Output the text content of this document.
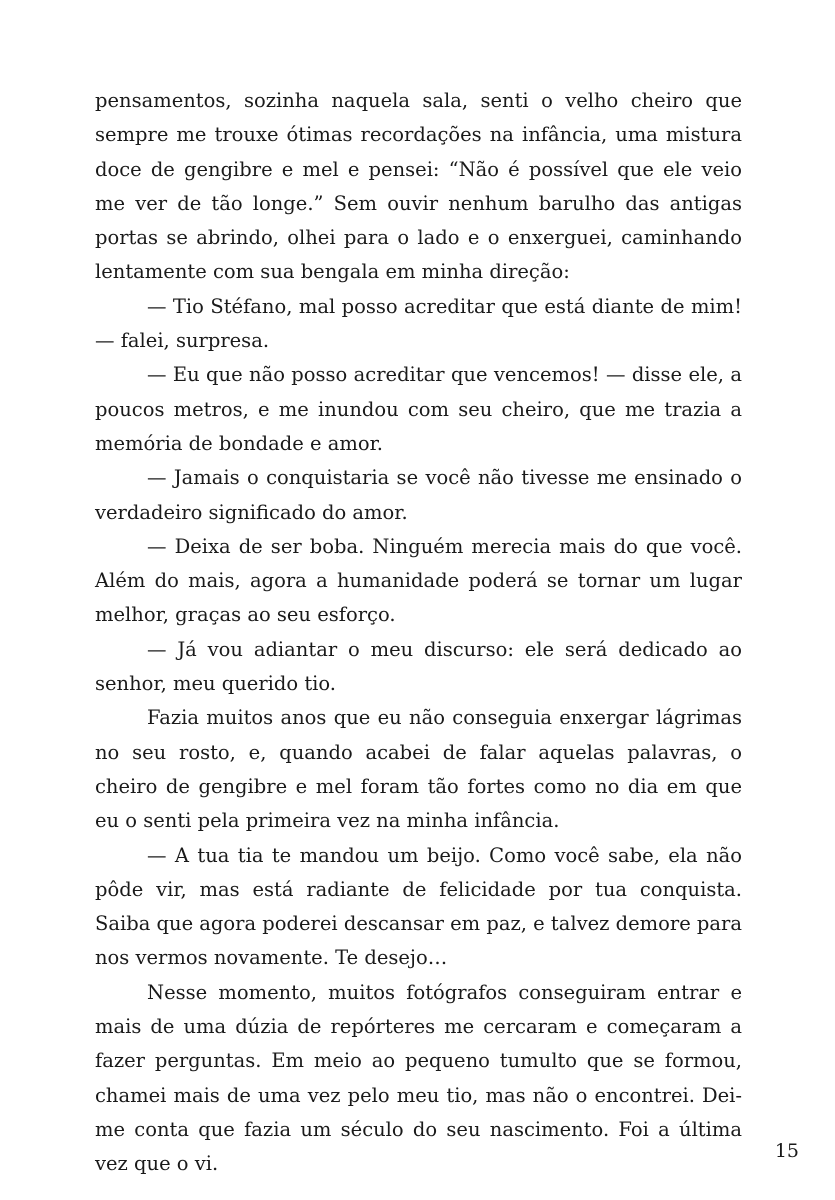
pensamentos, sozinha naquela sala, senti o velho cheiro que sempre me trouxe ótimas recordações na infância, uma mistura doce de gengibre e mel e pensei: “Não é possível que ele veio me ver de tão longe.” Sem ouvir nenhum barulho das antigas portas se abrindo, olhei para o lado e o enxerguei, caminhando lentamente com sua bengala em minha direção:

— Tio Stéfano, mal posso acreditar que está diante de mim! — falei, surpresa.

— Eu que não posso acreditar que vencemos! — disse ele, a poucos metros, e me inundou com seu cheiro, que me trazia a memória de bondade e amor.

— Jamais o conquistaria se você não tivesse me ensinado o verdadeiro significado do amor.

— Deixa de ser boba. Ninguém merecia mais do que você. Além do mais, agora a humanidade poderá se tornar um lugar melhor, graças ao seu esforço.

— Já vou adiantar o meu discurso: ele será dedicado ao senhor, meu querido tio.

Fazia muitos anos que eu não conseguia enxergar lágrimas no seu rosto, e, quando acabei de falar aquelas palavras, o cheiro de gengibre e mel foram tão fortes como no dia em que eu o senti pela primeira vez na minha infância.

— A tua tia te mandou um beijo. Como você sabe, ela não pôde vir, mas está radiante de felicidade por tua conquista. Saiba que agora poderei descansar em paz, e talvez demore para nos vermos novamente. Te desejo…

Nesse momento, muitos fotógrafos conseguiram entrar e mais de uma dúzia de repórteres me cercaram e começaram a fazer perguntas. Em meio ao pequeno tumulto que se formou, chamei mais de uma vez pelo meu tio, mas não o encontrei. Dei-me conta que fazia um século do seu nascimento. Foi a última vez que o vi.

15
